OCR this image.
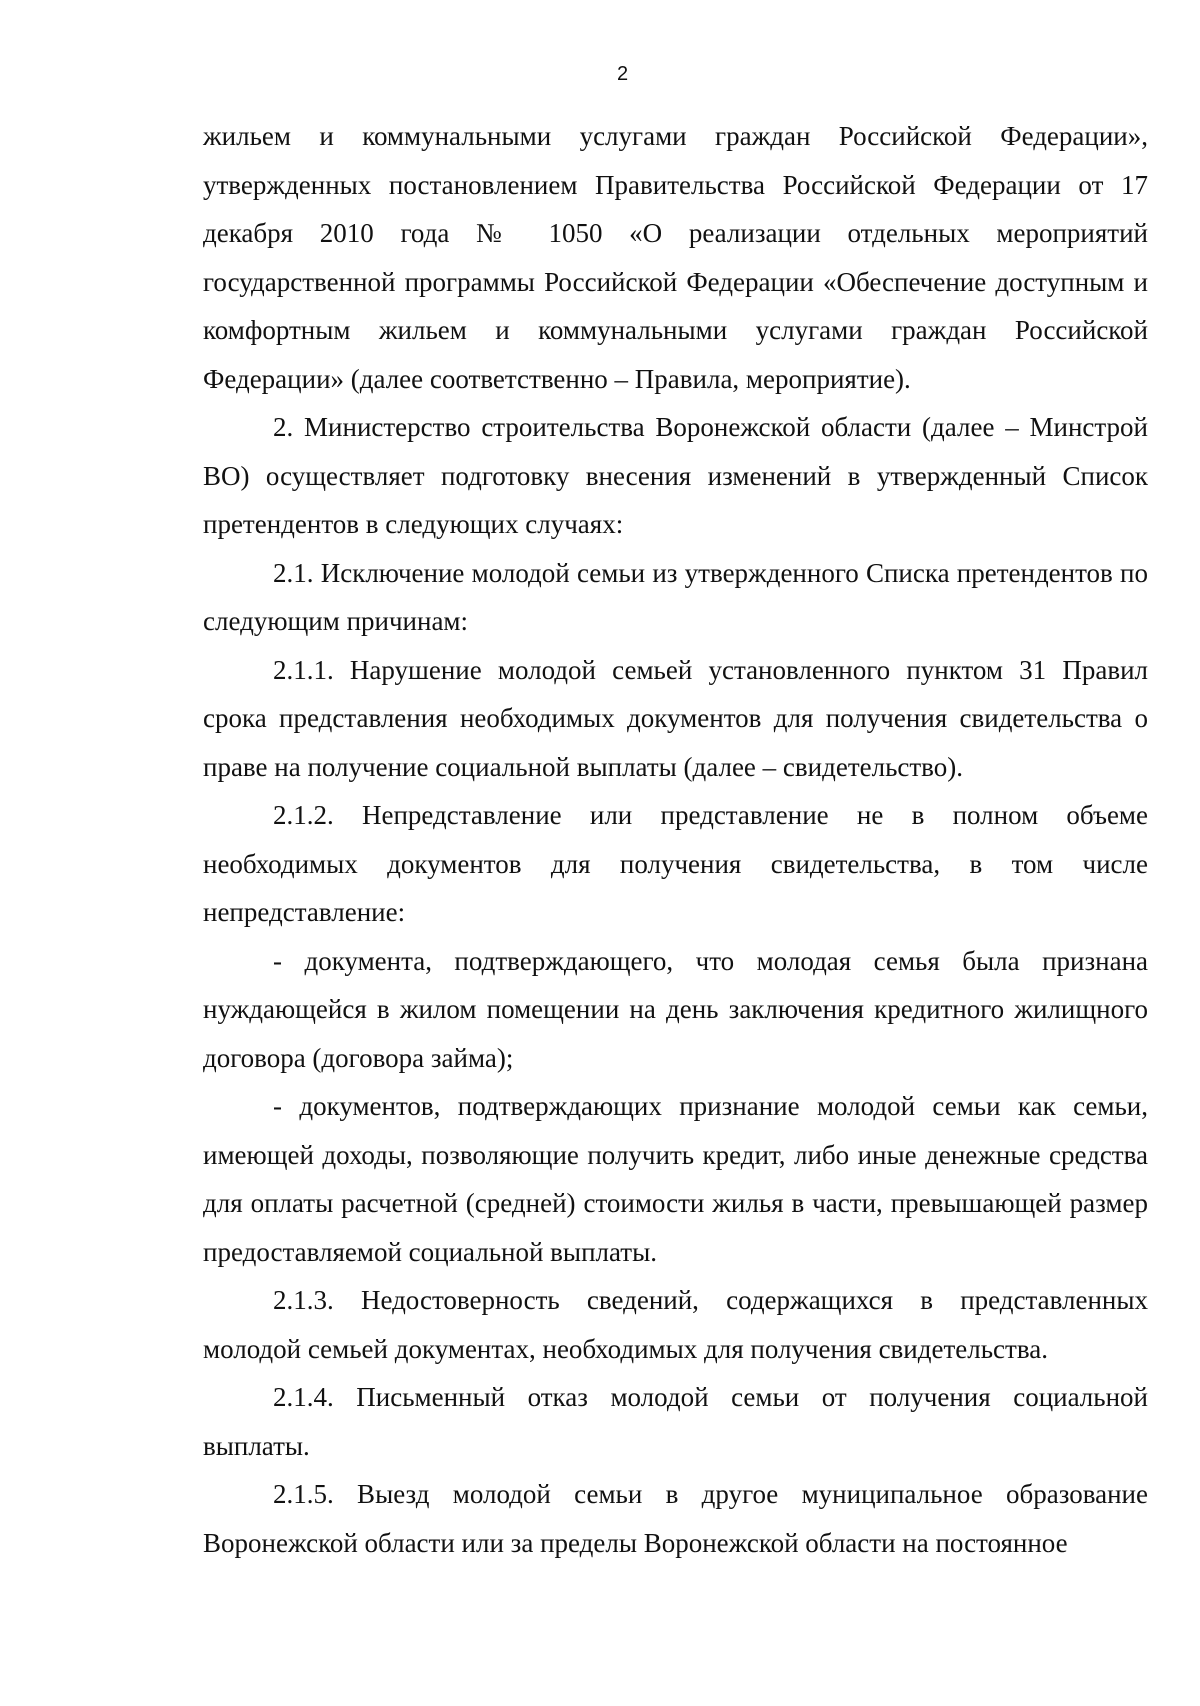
2

жильем и коммунальными услугами граждан Российской Федерации», утвержденных постановлением Правительства Российской Федерации от 17 декабря 2010 года № 1050 «О реализации отдельных мероприятий государственной программы Российской Федерации «Обеспечение доступным и комфортным жильем и коммунальными услугами граждан Российской Федерации» (далее соответственно – Правила, мероприятие).

2. Министерство строительства Воронежской области (далее – Минстрой ВО) осуществляет подготовку внесения изменений в утвержденный Список претендентов в следующих случаях:

2.1. Исключение молодой семьи из утвержденного Списка претендентов по следующим причинам:

2.1.1. Нарушение молодой семьей установленного пунктом 31 Правил срока представления необходимых документов для получения свидетельства о праве на получение социальной выплаты (далее – свидетельство).

2.1.2. Непредставление или представление не в полном объеме необходимых документов для получения свидетельства, в том числе непредставление:

- документа, подтверждающего, что молодая семья была признана нуждающейся в жилом помещении на день заключения кредитного жилищного договора (договора займа);

- документов, подтверждающих признание молодой семьи как семьи, имеющей доходы, позволяющие получить кредит, либо иные денежные средства для оплаты расчетной (средней) стоимости жилья в части, превышающей размер предоставляемой социальной выплаты.

2.1.3. Недостоверность сведений, содержащихся в представленных молодой семьей документах, необходимых для получения свидетельства.

2.1.4. Письменный отказ молодой семьи от получения социальной выплаты.

2.1.5. Выезд молодой семьи в другое муниципальное образование Воронежской области или за пределы Воронежской области на постоянное
